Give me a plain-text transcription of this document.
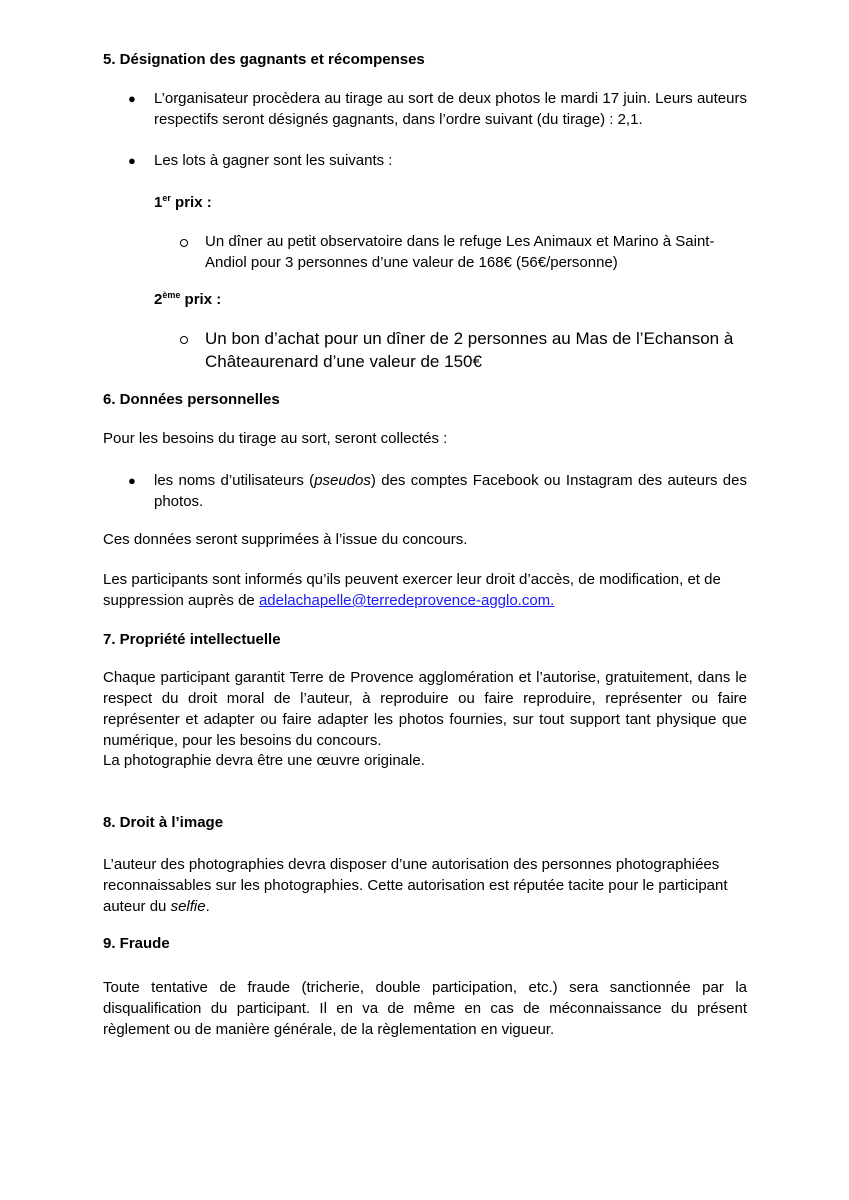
5. Désignation des gagnants et récompenses
● L’organisateur procèdera au tirage au sort de deux photos le mardi 17 juin. Leurs auteurs respectifs seront désignés gagnants, dans l’ordre suivant (du tirage) : 2,1.
● Les lots à gagner sont les suivants :
1er prix :
Un dîner au petit observatoire dans le refuge Les Animaux et Marino à Saint-Andiol pour 3 personnes d’une valeur de 168€ (56€/personne)
2ème prix :
Un bon d’achat pour un dîner de 2 personnes au Mas de l’Echanson à Châteaurenard d’une valeur de 150€
6. Données personnelles
Pour les besoins du tirage au sort, seront collectés :
● les noms d’utilisateurs (pseudos) des comptes Facebook ou Instagram des auteurs des photos.
Ces données seront supprimées à l’issue du concours.
Les participants sont informés qu’ils peuvent exercer leur droit d’accès, de modification, et de suppression auprès de adelachapelle@terredeprovence-agglo.com.
7. Propriété intellectuelle
Chaque participant garantit Terre de Provence agglomération et l’autorise, gratuitement, dans le respect du droit moral de l’auteur, à reproduire ou faire reproduire, représenter ou faire représenter et adapter ou faire adapter les photos fournies, sur tout support tant physique que numérique, pour les besoins du concours.
La photographie devra être une œuvre originale.
8. Droit à l’image
L’auteur des photographies devra disposer d’une autorisation des personnes photographiées reconnaissables sur les photographies. Cette autorisation est réputée tacite pour le participant auteur du selfie.
9. Fraude
Toute tentative de fraude (tricherie, double participation, etc.) sera sanctionnée par la disqualification du participant. Il en va de même en cas de méconnaissance du présent règlement ou de manière générale, de la règlementation en vigueur.
